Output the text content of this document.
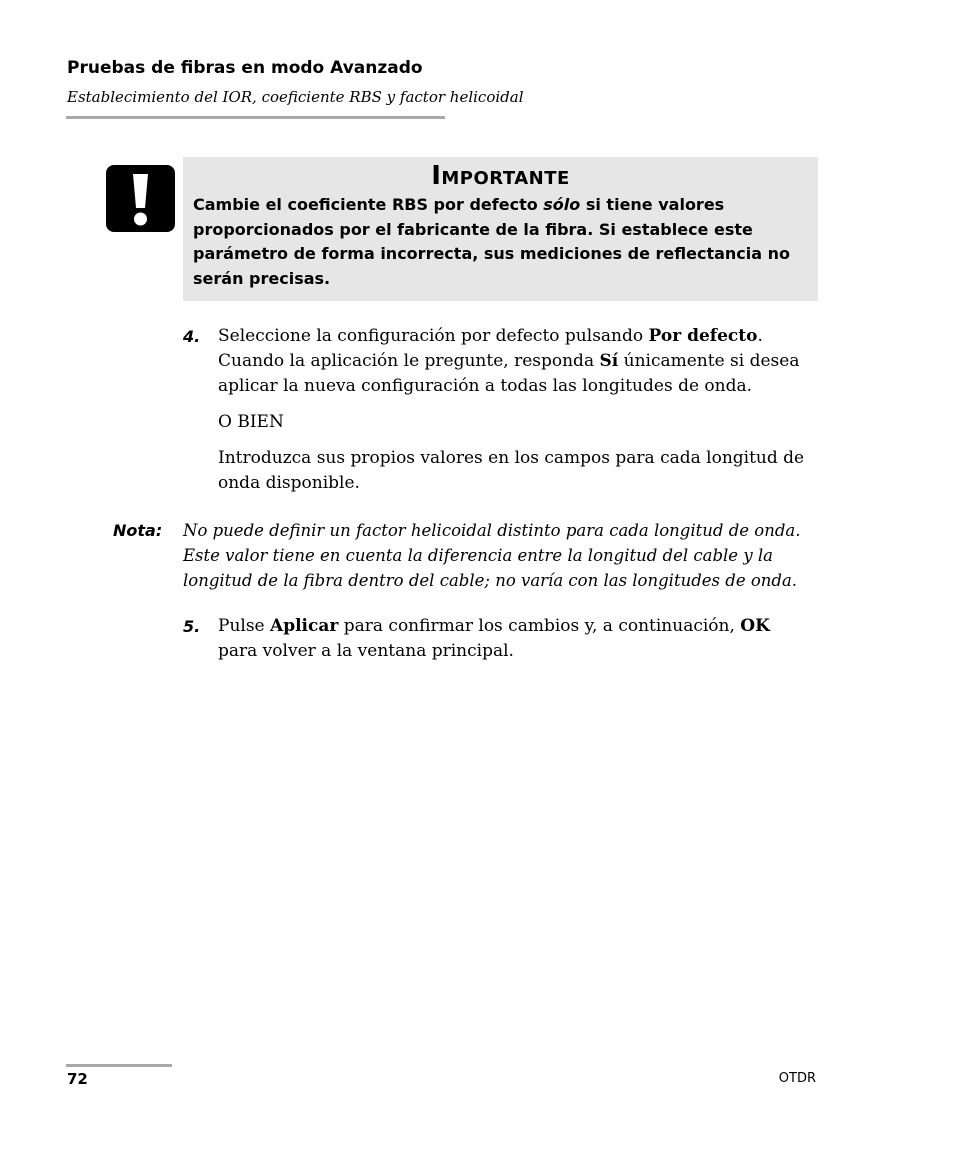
Pruebas de fibras en modo Avanzado
Establecimiento del IOR, coeficiente RBS y factor helicoidal
Importante
Cambie el coeficiente RBS por defecto sólo si tiene valores proporcionados por el fabricante de la fibra. Si establece este parámetro de forma incorrecta, sus mediciones de reflectancia no serán precisas.
4. Seleccione la configuración por defecto pulsando Por defecto. Cuando la aplicación le pregunte, responda Sí únicamente si desea aplicar la nueva configuración a todas las longitudes de onda.
O BIEN
Introduzca sus propios valores en los campos para cada longitud de onda disponible.
Nota: No puede definir un factor helicoidal distinto para cada longitud de onda. Este valor tiene en cuenta la diferencia entre la longitud del cable y la longitud de la fibra dentro del cable; no varía con las longitudes de onda.
5. Pulse Aplicar para confirmar los cambios y, a continuación, OK para volver a la ventana principal.
72	OTDR
